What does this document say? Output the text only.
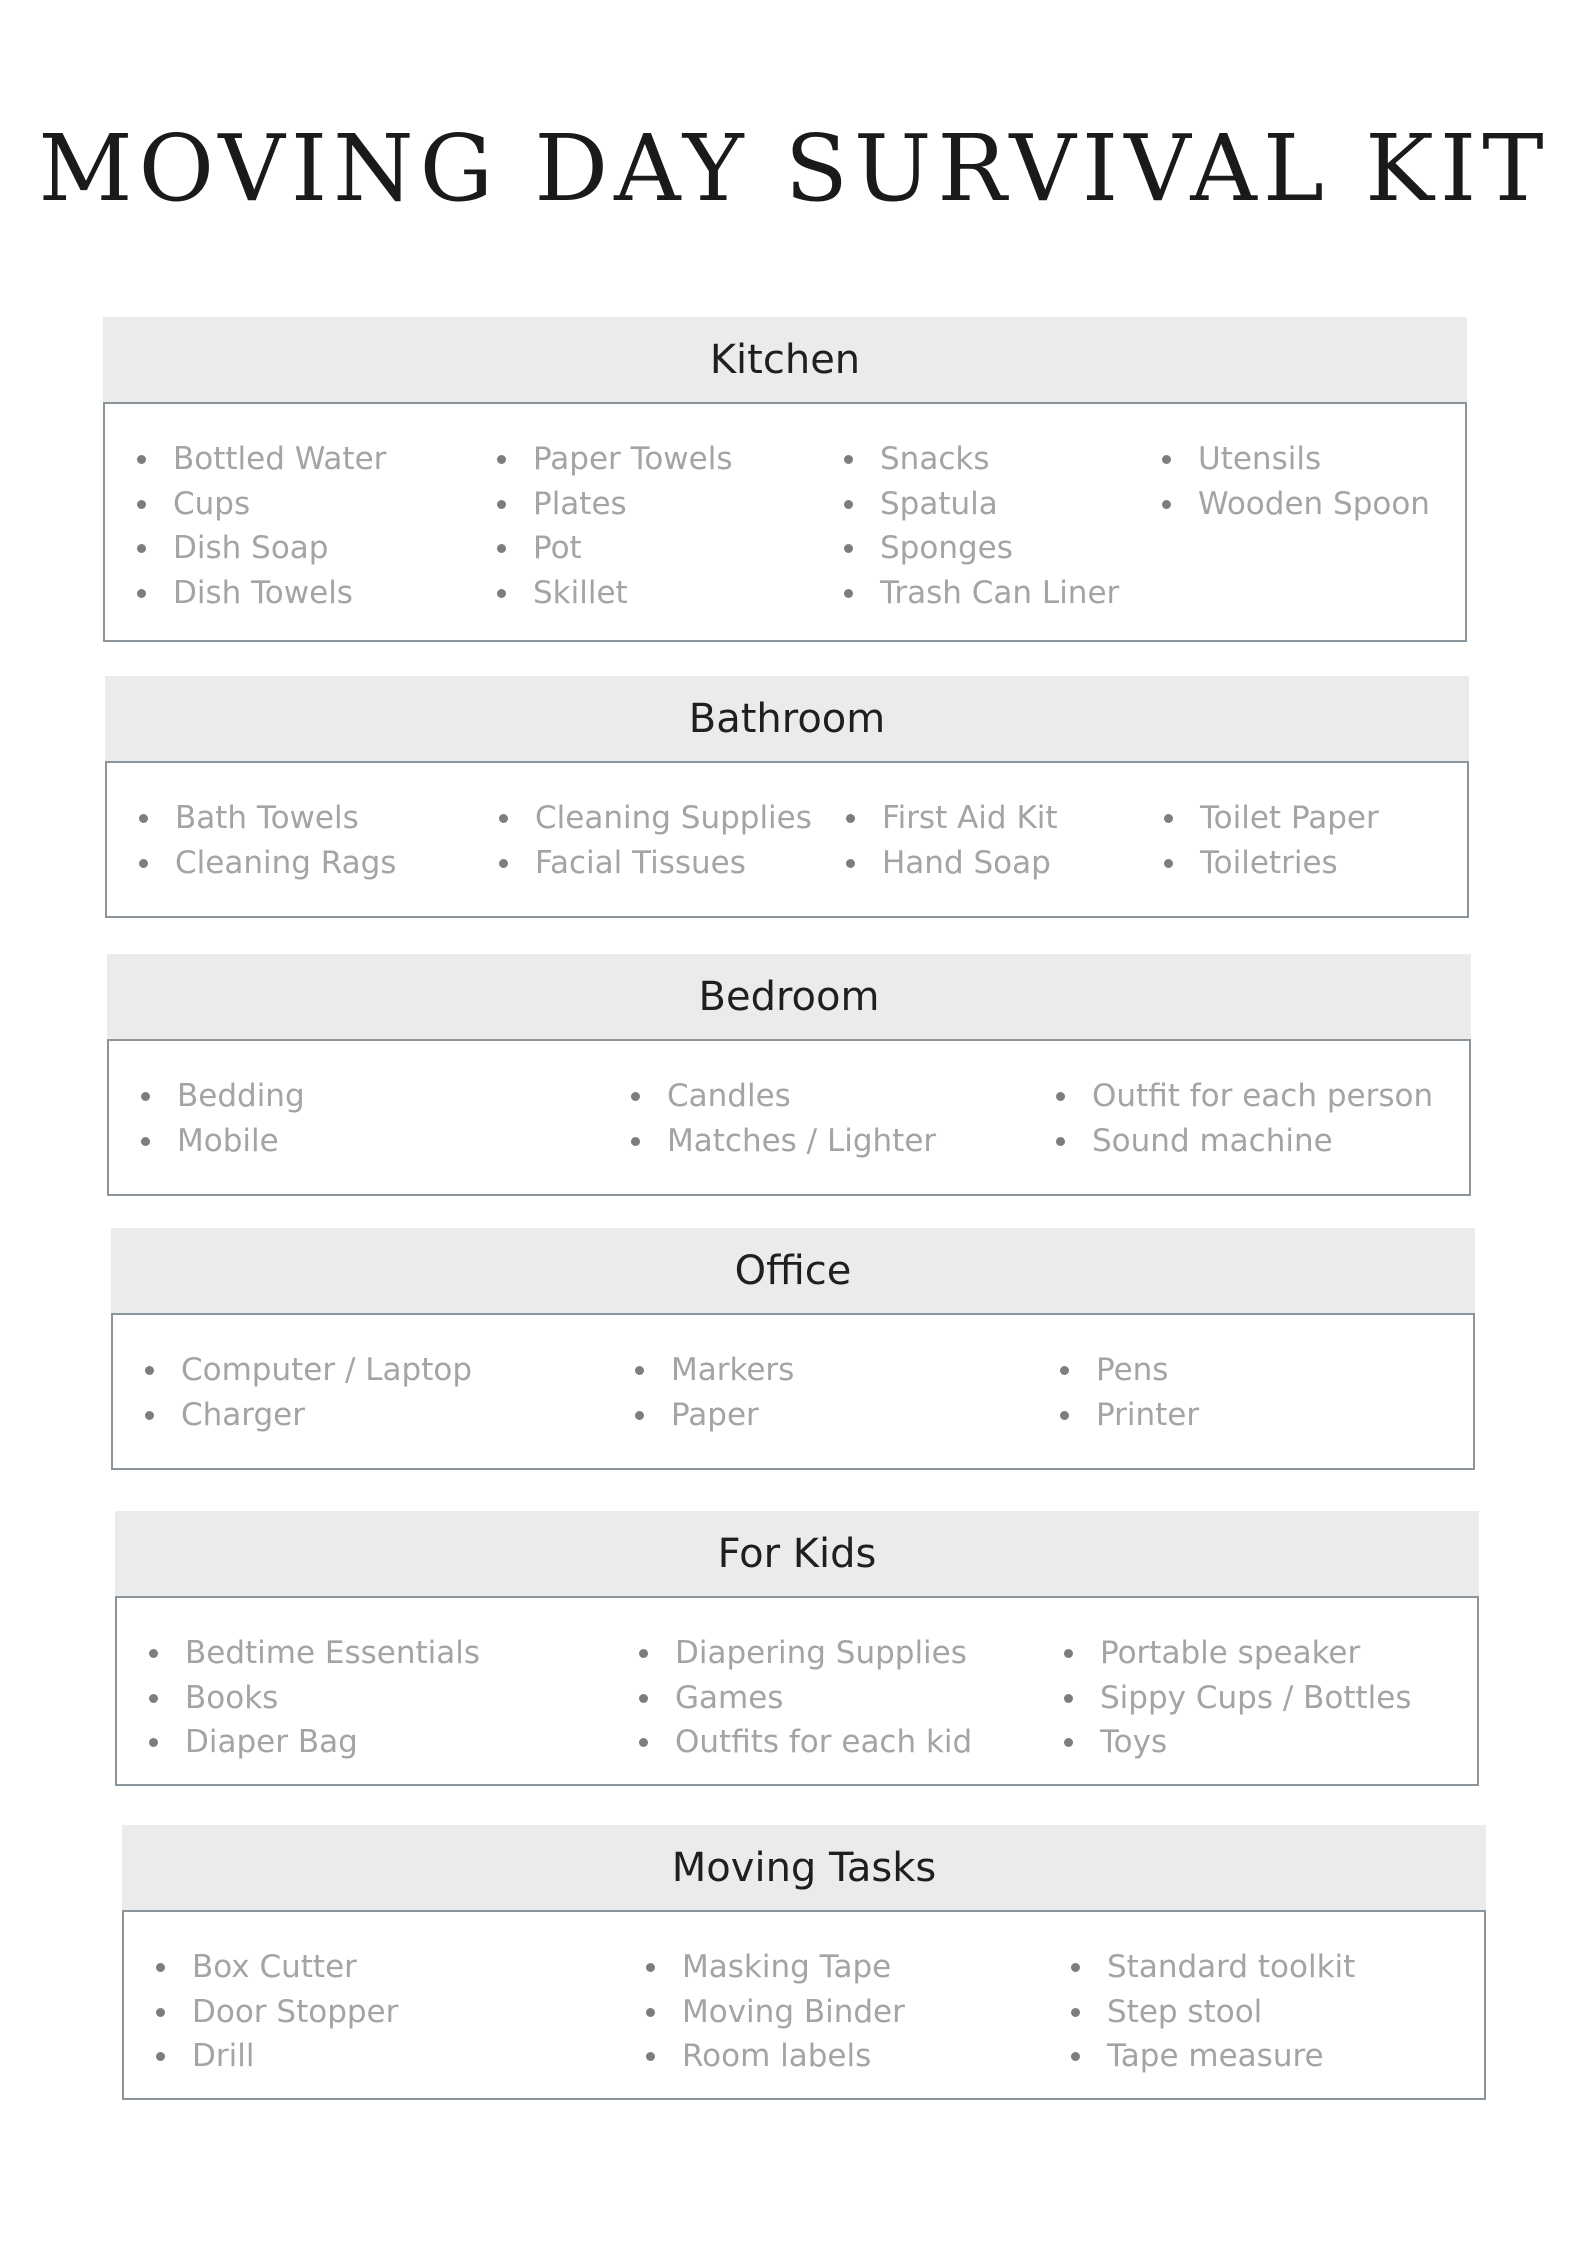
MOVING DAY SURVIVAL KIT
Kitchen
Bottled Water
Cups
Dish Soap
Dish Towels
Paper Towels
Plates
Pot
Skillet
Snacks
Spatula
Sponges
Trash Can Liner
Utensils
Wooden Spoon
Bathroom
Bath Towels
Cleaning Rags
Cleaning Supplies
Facial Tissues
First Aid Kit
Hand Soap
Toilet Paper
Toiletries
Bedroom
Bedding
Mobile
Candles
Matches / Lighter
Outfit for each person
Sound machine
Office
Computer / Laptop
Charger
Markers
Paper
Pens
Printer
For Kids
Bedtime Essentials
Books
Diaper Bag
Diapering Supplies
Games
Outfits for each kid
Portable speaker
Sippy Cups / Bottles
Toys
Moving Tasks
Box Cutter
Door Stopper
Drill
Masking Tape
Moving Binder
Room labels
Standard toolkit
Step stool
Tape measure
